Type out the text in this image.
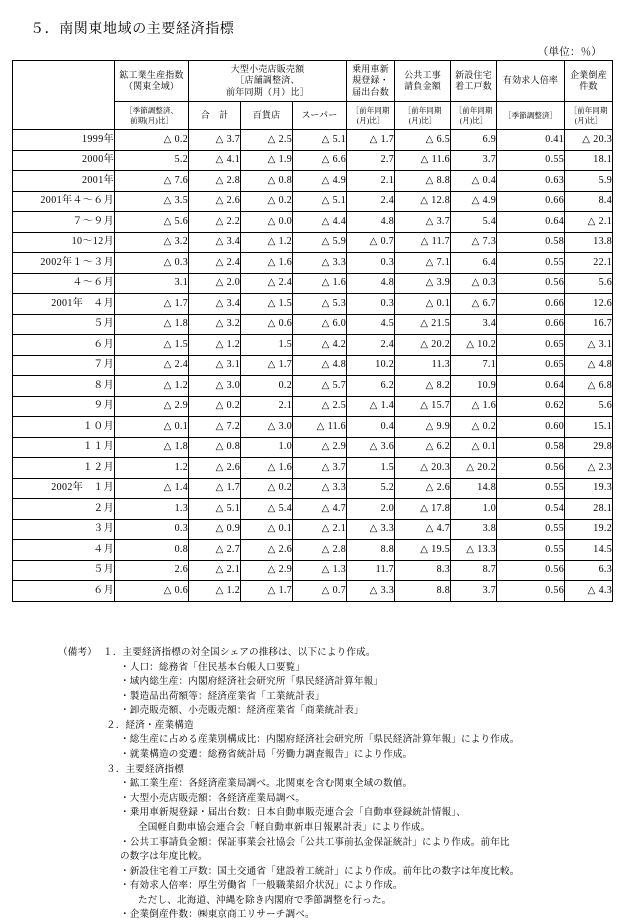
５．南関東地域の主要経済指標
（単位：％）

	鉱工業生産指数
（関東全域）	大型小売店販売額
［店舗調整済、
前年同期（月）比］			乗用車新
規登録・
届出台数	公共工事
請負金額	新設住宅
着工戸数	有効求人倍率	企業倒産
件数

	［季節調整済、
前期(月)比］	合　計	百貨店	スーパー	［前年同期
(月)比］	［前年同期
(月)比］	［前年同期
(月)比］	［季節調整済］	［前年同期
(月)比］

1999年	△ 0.2	△ 3.7	△ 2.5	△ 5.1	△ 1.7	△ 6.5	6.9	0.41	△ 20.3
2000年	5.2	△ 4.1	△ 1.9	△ 6.6	2.7	△ 11.6	3.7	0.55	18.1
2001年	△ 7.6	△ 2.8	△ 0.8	△ 4.9	2.1	△ 8.8	△ 0.4	0.63	5.9
2001年４～６月	△ 3.5	△ 2.6	△ 0.2	△ 5.1	2.4	△ 12.8	△ 4.9	0.66	8.4
７～９月	△ 5.6	△ 2.2	△ 0.0	△ 4.4	4.8	△ 3.7	5.4	0.64	△ 2.1
10～12月	△ 3.2	△ 3.4	△ 1.2	△ 5.9	△ 0.7	△ 11.7	△ 7.3	0.58	13.8
2002年１～３月	△ 0.3	△ 2.4	△ 1.6	△ 3.3	0.3	△ 7.1	6.4	0.55	22.1
４～６月	3.1	△ 2.0	△ 2.4	△ 1.6	4.8	△ 3.9	△ 0.3	0.56	5.6
2001年 ４月	△ 1.7	△ 3.4	△ 1.5	△ 5.3	0.3	△ 0.1	△ 6.7	0.66	12.6
５月	△ 1.8	△ 3.2	△ 0.6	△ 6.0	4.5	△ 21.5	3.4	0.66	16.7
６月	△ 1.5	△ 1.2	1.5	△ 4.2	2.4	△ 20.2	△ 10.2	0.65	△ 3.1
７月	△ 2.4	△ 3.1	△ 1.7	△ 4.8	10.2	11.3	7.1	0.65	△ 4.8
８月	△ 1.2	△ 3.0	0.2	△ 5.7	6.2	△ 8.2	10.9	0.64	△ 6.8
９月	△ 2.9	△ 0.2	2.1	△ 2.5	△ 1.4	△ 15.7	△ 1.6	0.62	5.6
１０月	△ 0.1	△ 7.2	△ 3.0	△ 11.6	0.4	△ 9.9	△ 0.2	0.60	15.1
１１月	△ 1.8	△ 0.8	1.0	△ 2.9	△ 3.6	△ 6.2	△ 0.1	0.58	29.8
１２月	1.2	△ 2.6	△ 1.6	△ 3.7	1.5	△ 20.3	△ 20.2	0.56	△ 2.3
2002年 １月	△ 1.4	△ 1.7	△ 0.2	△ 3.3	5.2	△ 2.6	14.8	0.55	19.3
２月	1.3	△ 5.1	△ 5.4	△ 4.7	2.0	△ 17.8	1.0	0.54	28.1
３月	0.3	△ 0.9	△ 0.1	△ 2.1	△ 3.3	△ 4.7	3.8	0.55	19.2
４月	0.8	△ 2.7	△ 2.6	△ 2.8	8.8	△ 19.5	△ 13.3	0.55	14.5
５月	2.6	△ 2.1	△ 2.9	△ 1.3	11.7	8.3	8.7	0.56	6.3
６月	△ 0.6	△ 1.2	△ 1.7	△ 0.7	△ 3.3	8.8	3.7	0.56	△ 4.3
（備考） １．主要経済指標の対全国シェアの推移は、以下により作成。
・人口：総務省「住民基本台帳人口要覧」
・域内総生産：内閣府経済社会研究所「県民経済計算年報」
・製造品出荷額等：経済産業省「工業統計表」
・卸売販売額、小売販売額：経済産業省「商業統計表」
２．経済・産業構造
・総生産に占める産業別構成比：内閣府経済社会研究所「県民経済計算年報」により作成。
・就業構造の変遷：総務省統計局「労働力調査報告」により作成。
３．主要経済指標
・鉱工業生産：各経済産業局調べ。北関東を含む関東全域の数値。
・大型小売店販売額：各経済産業局調べ。
・乗用車新規登録・届出台数：日本自動車販売連合会「自動車登録統計情報」、
全国軽自動車協会連合会「軽自動車新車日報累計表」により作成。
・公共工事請負金額：保証事業会社協会「公共工事前払金保証統計」により作成。前年比
の数字は年度比較。
・新設住宅着工戸数：国土交通省「建設着工統計」により作成。前年比の数字は年度比較。
・有効求人倍率：厚生労働省「一般職業紹介状況」により作成。
ただし、北海道、沖縄を除き内閣府で季節調整を行った。
・企業倒産件数：㈱東京商工リサーチ調べ。
